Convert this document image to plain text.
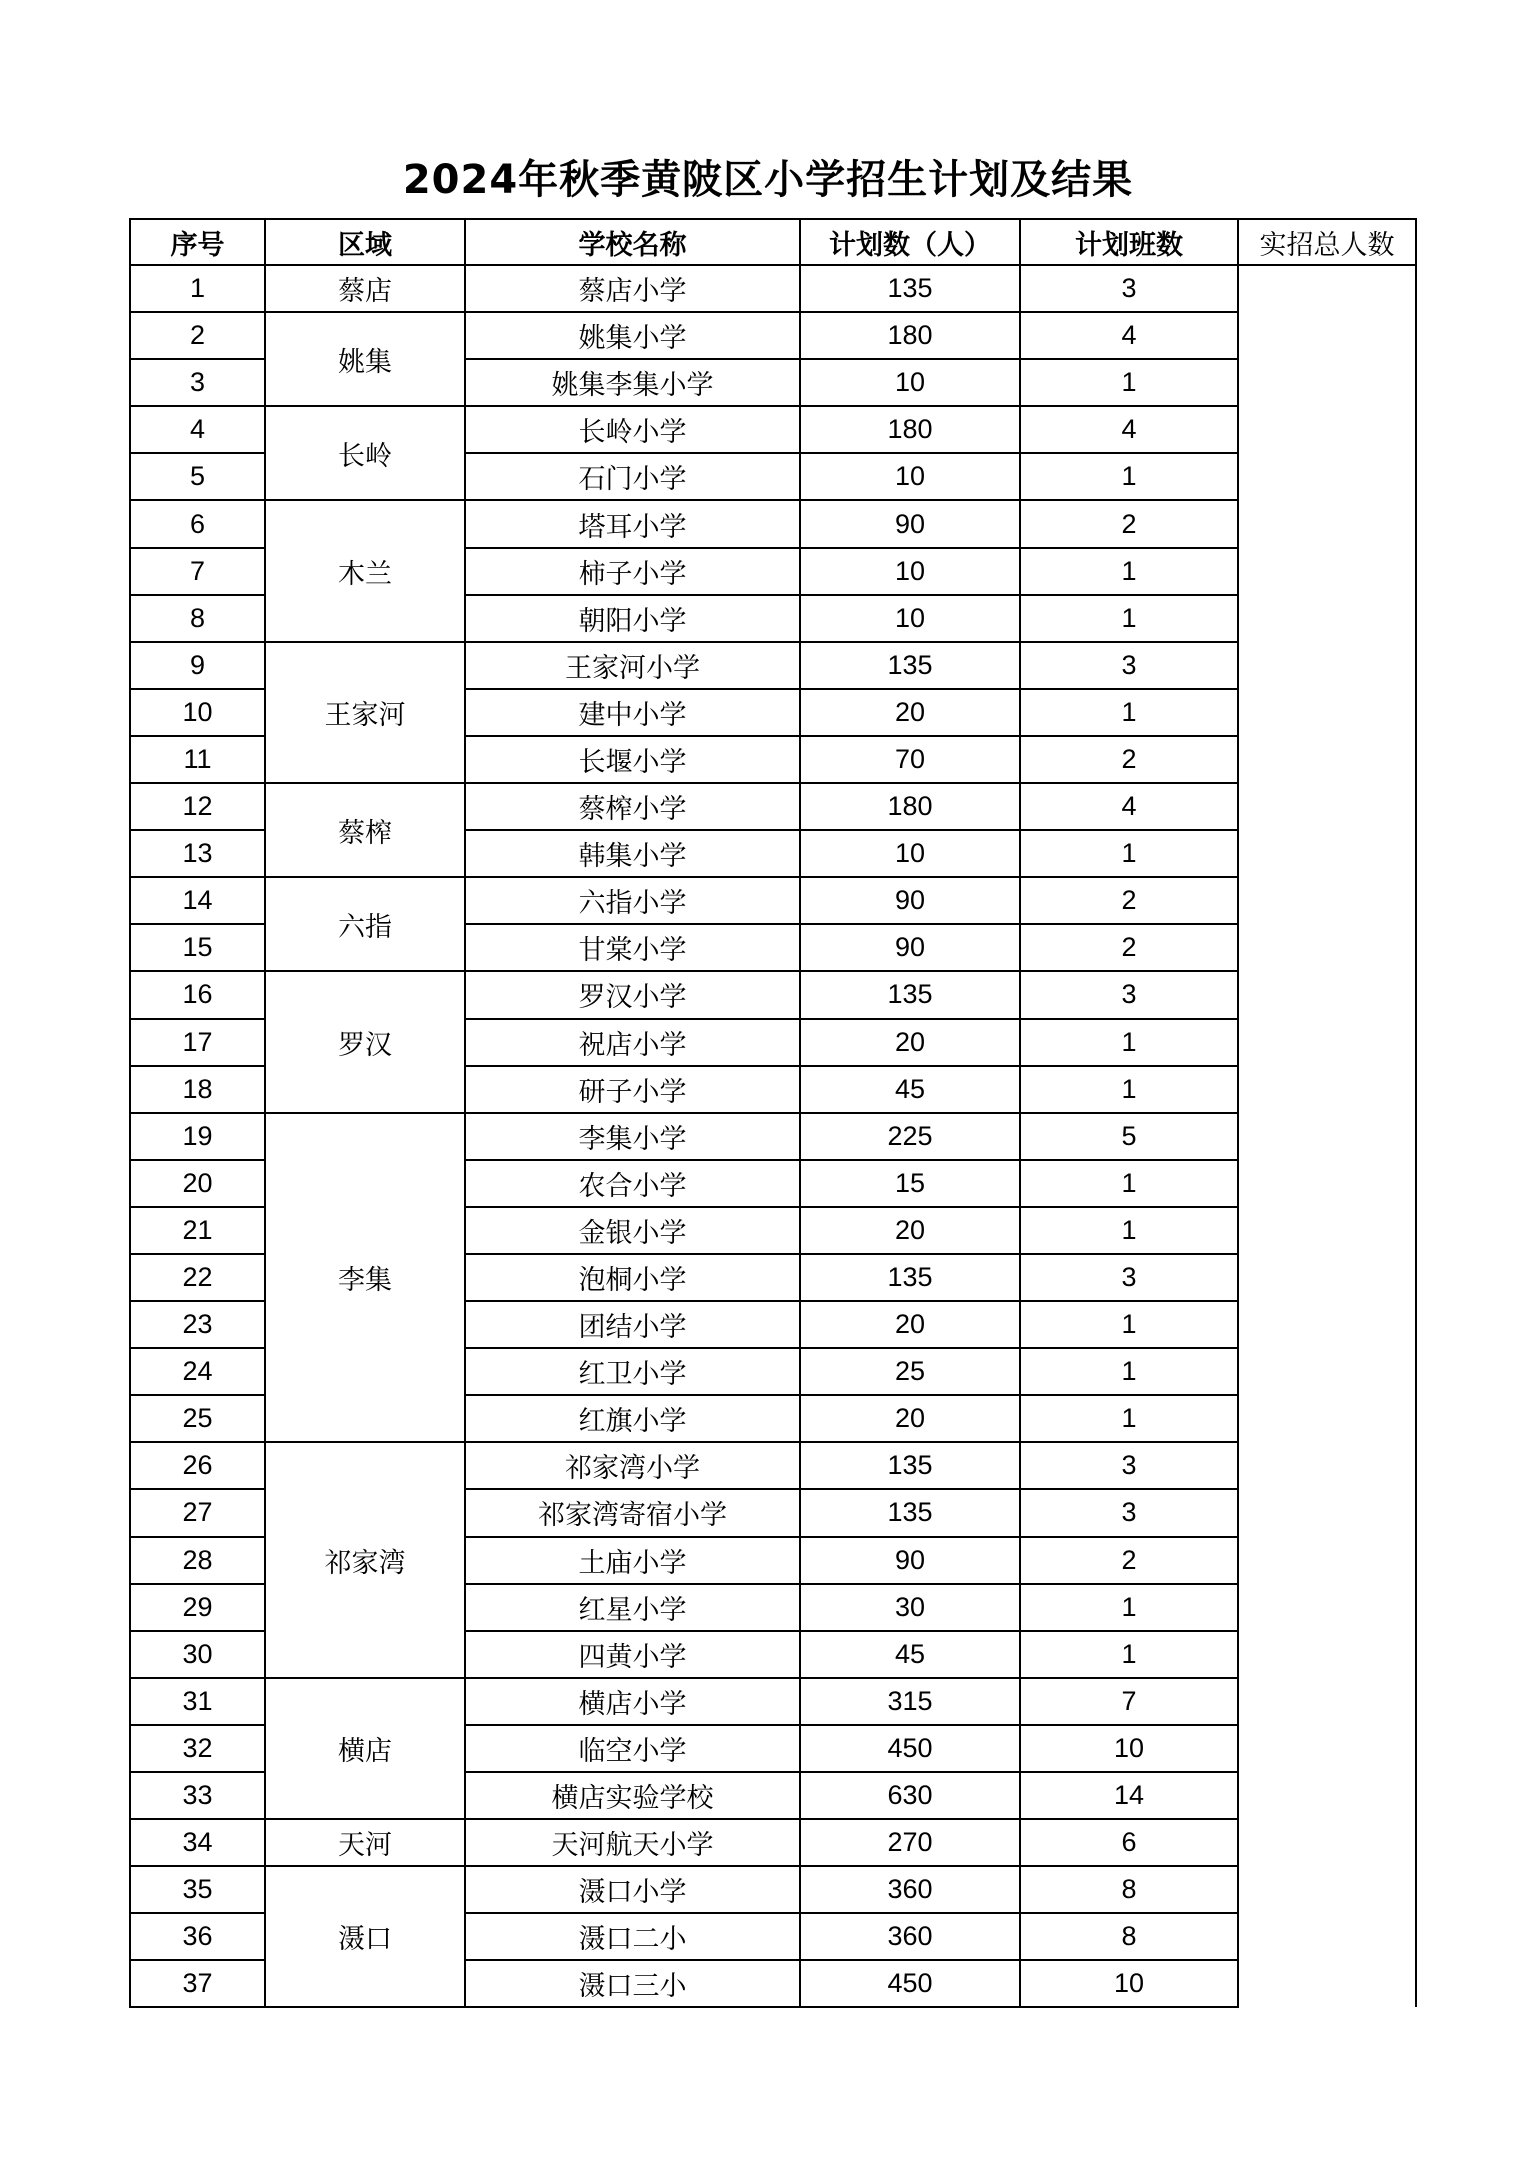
2024年秋季黄陂区小学招生计划及结果
序号	区域	学校名称	计划数（人）	计划班数	实招总人数
1	蔡店	蔡店小学	135	3	
2	姚集	姚集小学	180	4	
3		姚集李集小学	10	1	
4	长岭	长岭小学	180	4	
5		石门小学	10	1	
6	木兰	塔耳小学	90	2	
7		柿子小学	10	1	
8		朝阳小学	10	1	
9	王家河	王家河小学	135	3	
10		建中小学	20	1	
11		长堰小学	70	2	
12	蔡榨	蔡榨小学	180	4	
13		韩集小学	10	1	
14	六指	六指小学	90	2	
15		甘棠小学	90	2	
16	罗汉	罗汉小学	135	3	
17		祝店小学	20	1	
18		研子小学	45	1	
19	李集	李集小学	225	5	
20		农合小学	15	1	
21		金银小学	20	1	
22		泡桐小学	135	3	
23		团结小学	20	1	
24		红卫小学	25	1	
25		红旗小学	20	1	
26	祁家湾	祁家湾小学	135	3	
27		祁家湾寄宿小学	135	3	
28		土庙小学	90	2	
29		红星小学	30	1	
30		四黄小学	45	1	
31	横店	横店小学	315	7	
32		临空小学	450	10	
33		横店实验学校	630	14	
34	天河	天河航天小学	270	6	
35	滠口	滠口小学	360	8	
36		滠口二小	360	8	
37		滠口三小	450	10	
